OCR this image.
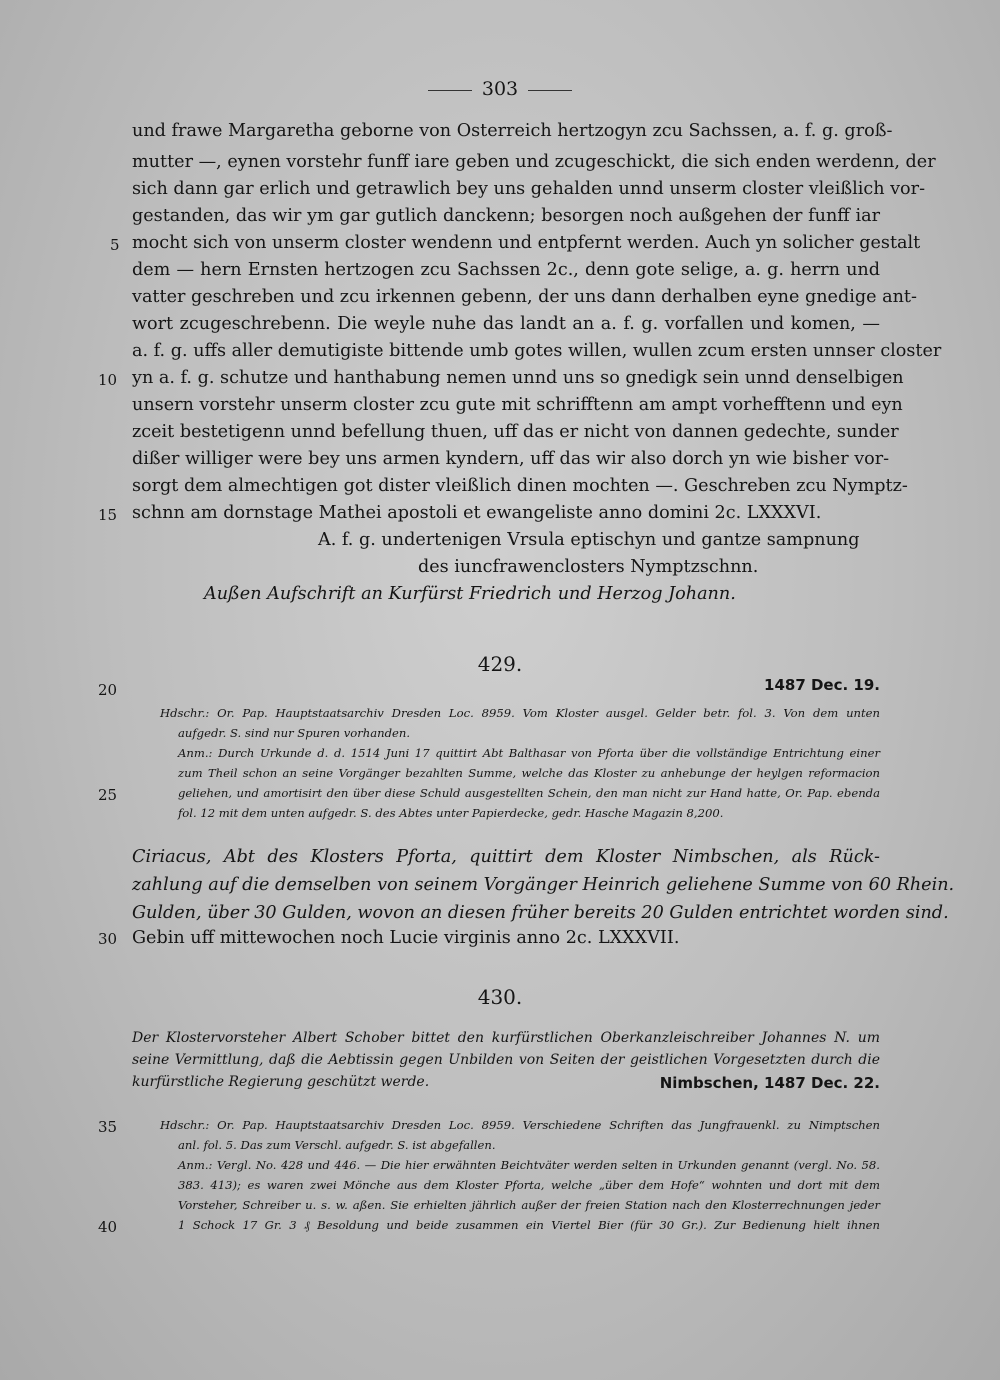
303
und frawe Margaretha geborne von Osterreich hertzogyn zcu Sachssen, a. f. g. groß-
mutter —, eynen vorstehr funff iare geben und zcugeschickt, die sich enden werdenn, der
sich dann gar erlich und getrawlich bey uns gehalden unnd unserm closter vleißlich vor-
gestanden, das wir ym gar gutlich danckenn; besorgen noch außgehen der funff iar
5 mocht sich von unserm closter wendenn und entpfernt werden. Auch yn solicher gestalt
dem — hern Ernsten hertzogen zcu Sachssen 2c., denn gote selige, a. g. herrn und
vatter geschreben und zcu irkennen gebenn, der uns dann derhalben eyne gnedige ant-
wort zcugeschrebenn. Die weyle nuhe das landt an a. f. g. vorfallen und komen, —
a. f. g. uffs aller demutigiste bittende umb gotes willen, wullen zcum ersten unnser closter
10 yn a. f. g. schutze und hanthabung nemen unnd uns so gnedigk sein unnd denselbigen
unsern vorstehr unserm closter zcu gute mit schrifftenn am ampt vorhefftenn und eyn
zceit bestetigenn unnd befellung thuen, uff das er nicht von dannen gedechte, sunder
dißer williger were bey uns armen kyndern, uff das wir also dorch yn wie bisher vor-
sorgt dem almechtigen got dister vleißlich dinen mochten —. Geschreben zcu Nymptz-
15 schnn am dornstage Mathei apostoli et ewangeliste anno domini 2c. LXXXVI.
A. f. g. undertenigen Vrsula eptischyn und gantze sampnung
des iuncfrawenclosters Nymptzschnn.
Außen Aufschrift an Kurfürst Friedrich und Herzog Johann.
429.
20	1487 Dec. 19.
Hdschr.: Or. Pap. Hauptstaatsarchiv Dresden Loc. 8959. Vom Kloster ausgel. Gelder betr. fol. 3. Von dem unten
aufgedr. S. sind nur Spuren vorhanden.
Anm.: Durch Urkunde d. d. 1514 Juni 17 quittirt Abt Balthasar von Pforta über die vollständige Entrichtung einer
zum Theil schon an seine Vorgänger bezahlten Summe, welche das Kloster zu anhebunge der heylgen reformacion
25	geliehen, und amortisirt den über diese Schuld ausgestellten Schein, den man nicht zur Hand hatte, Or. Pap. ebenda
fol. 12 mit dem unten aufgedr. S. des Abtes unter Papierdecke, gedr. Hasche Magazin 8,200.
Ciriacus, Abt des Klosters Pforta, quittirt dem Kloster Nimbschen, als Rück-
zahlung auf die demselben von seinem Vorgänger Heinrich geliehene Summe von 60 Rhein.
Gulden, über 30 Gulden, wovon an diesen früher bereits 20 Gulden entrichtet worden sind.
30 Gebin uff mittewochen noch Lucie virginis anno 2c. LXXXVII.
430.
Der Klostervorsteher Albert Schober bittet den kurfürstlichen Oberkanzleischreiber Johannes N. um
seine Vermittlung, daß die Aebtissin gegen Unbilden von Seiten der geistlichen Vorgesetzten durch die
kurfürstliche Regierung geschützt werde.	Nimbschen, 1487 Dec. 22.
35	Hdschr.: Or. Pap. Hauptstaatsarchiv Dresden Loc. 8959. Verschiedene Schriften das Jungfrauenkl. zu Nimptschen
anl. fol. 5. Das zum Verschl. aufgedr. S. ist abgefallen.
Anm.: Vergl. No. 428 und 446. — Die hier erwähnten Beichtväter werden selten in Urkunden genannt (vergl. No. 58.
383. 413); es waren zwei Mönche aus dem Kloster Pforta, welche „über dem Hofe“ wohnten und dort mit dem
Vorsteher, Schreiber u. s. w. aßen. Sie erhielten jährlich außer der freien Station nach den Klosterrechnungen jeder
40	1 Schock 17 Gr. 3 ₰ Besoldung und beide zusammen ein Viertel Bier (für 30 Gr.). Zur Bedienung hielt ihnen
